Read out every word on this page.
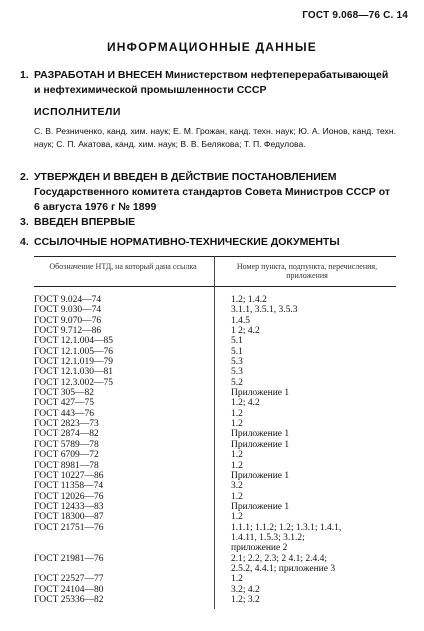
ГОСТ 9.068—76 С. 14
ИНФОРМАЦИОННЫЕ ДАННЫЕ
1. РАЗРАБОТАН И ВНЕСЕН Министерством нефтеперерабатывающей и нефтехимической промышленности СССР
ИСПОЛНИТЕЛИ
С. В. Резниченко, канд. хим. наук; Е. М. Грожан, канд. техн. наук; Ю. А. Ионов, канд. техн. наук; С. П. Акатова, канд. хим. наук; В. В. Белякова; Т. П. Федулова.
2. УТВЕРЖДЕН И ВВЕДЕН В ДЕЙСТВИЕ ПОСТАНОВЛЕНИЕМ Государственного комитета стандартов Совета Министров СССР от 6 августа 1976 г № 1899
3. ВВЕДЕН ВПЕРВЫЕ
4. ССЫЛОЧНЫЕ НОРМАТИВНО-ТЕХНИЧЕСКИЕ ДОКУМЕНТЫ
Обозначение НТД, на который дана ссылка	Номер пункта, подпункта, перечисления, приложения
ГОСТ 9.024—74	1.2; 1.4.2
ГОСТ 9.030—74	3.1.1, 3.5.1, 3.5.3
ГОСТ 9.070—76	1.4.5
ГОСТ 9.712—86	1 2; 4.2
ГОСТ 12.1.004—85	5.1
ГОСТ 12.1.005—76	5.1
ГОСТ 12.1.019—79	5.3
ГОСТ 12.1.030—81	5.3
ГОСТ 12.3.002—75	5.2
ГОСТ 305—82	Приложение 1
ГОСТ 427—75	1.2; 4.2
ГОСТ 443—76	1.2
ГОСТ 2823—73	1.2
ГОСТ 2874—82	Приложение 1
ГОСТ 5789—78	Приложение 1
ГОСТ 6709—72	1.2
ГОСТ 8981—78	1.2
ГОСТ 10227—86	Приложение 1
ГОСТ 11358—74	3.2
ГОСТ 12026—76	1.2
ГОСТ 12433—83	Приложение 1
ГОСТ 18300—87	1.2
ГОСТ 21751—76	1.1.1; 1.1.2; 1.2; 1.3.1; 1.4.1,
1.4.11, 1.5.3; 3.1.2;
приложение 2
ГОСТ 21981—76	2.1; 2.2, 2.3; 2 4.1; 2.4.4;
2.5.2, 4.4.1; приложение 3
ГОСТ 22527—77	1.2
ГОСТ 24104—80	3.2; 4.2
ГОСТ 25336—82	1.2; 3.2
